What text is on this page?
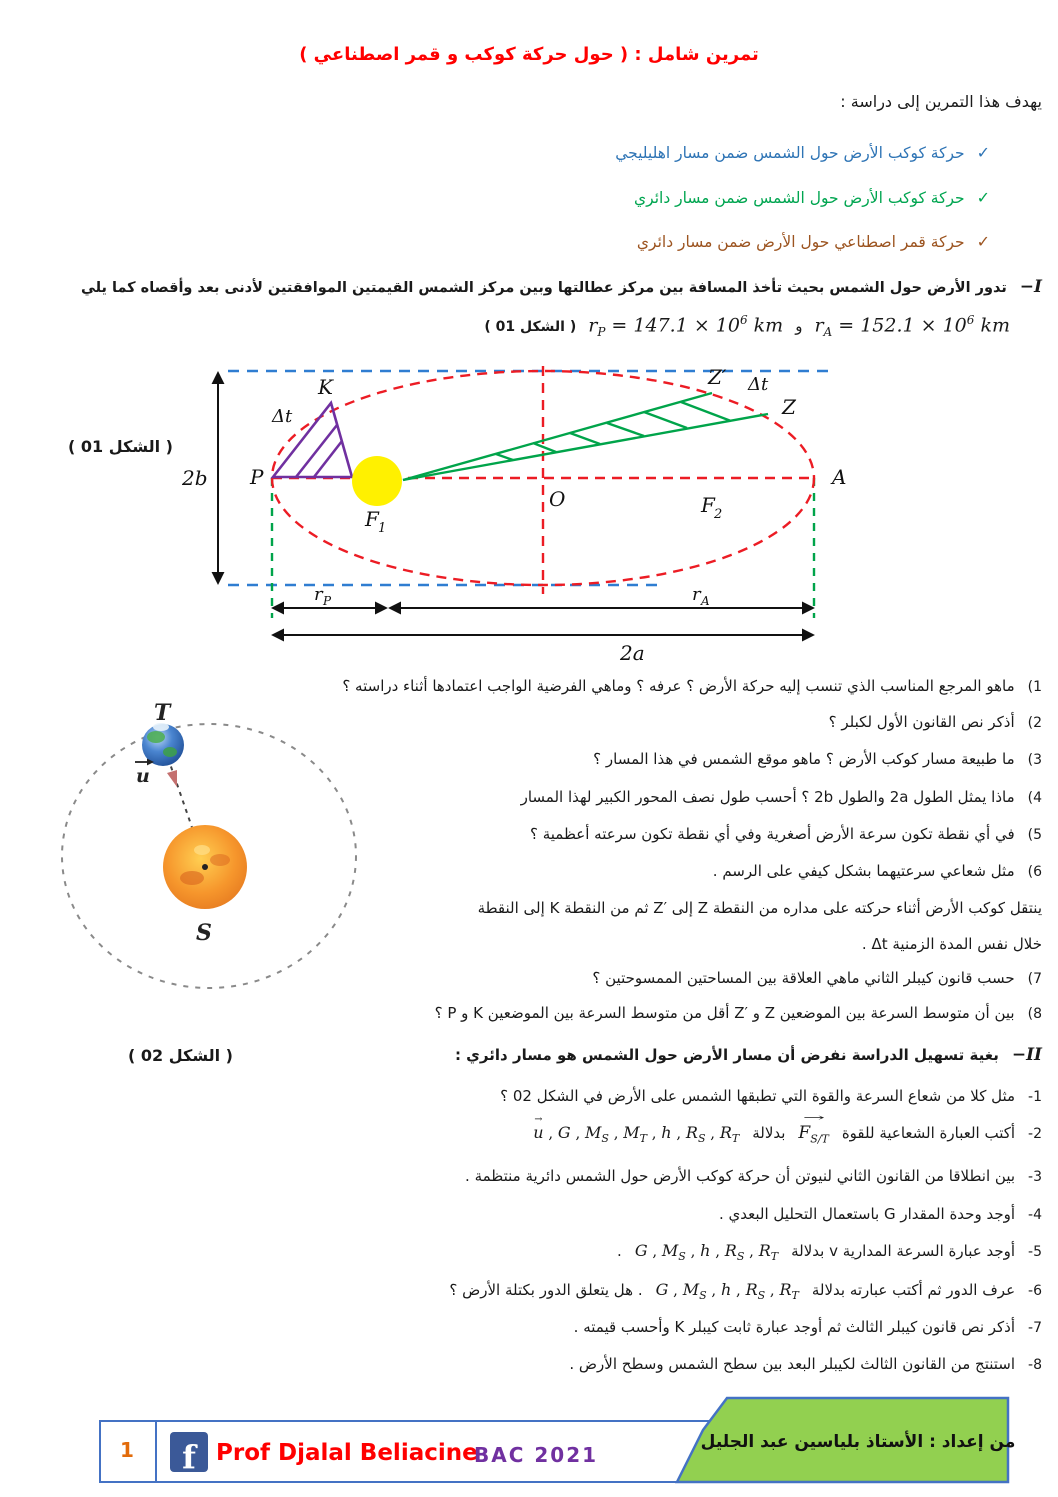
تمرين شامل : ( حول حركة كوكب و قمر اصطناعي )
يهدف هذا التمرين إلى دراسة :
✓
حركة كوكب الأرض حول الشمس ضمن مسار اهليليجي
✓
حركة كوكب الأرض حول الشمس ضمن مسار دائري
✓
حركة قمر اصطناعي حول الأرض ضمن مسار دائري
−I
تدور الأرض حول الشمس بحيث تأخذ المسافة بين مركز عطالتها وبين مركز الشمس القيمتين الموافقتين لأدنى بعد وأقصاه كما يلي
$r_A = 152.1 \times 10^6$ km
و
$r_P = 147.1 \times 10^6$ km
( الشكل 01 )
( الشكل 01 )
K
Δt
P
2b
F 1
O	F 2
A
Z′ Δt
Z
r P	r A
2a
(1
ماهو المرجع المناسب الذي تنسب إليه حركة الأرض ؟ عرفه ؟ وماهي الفرضية الواجب اعتمادها أثناء دراسته ؟
(2
أذكر نص القانون الأول لكبلر ؟
(3
ما طبيعة مسار كوكب الأرض ؟ ماهو موقع الشمس في هذا المسار ؟
(4
ماذا يمثل الطول 2a والطول 2b ؟ أحسب طول نصف المحور الكبير لهذا المسار
(5
في أي نقطة تكون سرعة الأرض أصغرية وفي أي نقطة تكون سرعته أعظمية ؟
(6
مثل شعاعي سرعتيهما بشكل كيفي على الرسم .
ينتقل كوكب الأرض أثناء حركته على مداره من النقطة Z إلى ‎Z′‎ ثم من النقطة K إلى النقطة
خلال نفس المدة الزمنية Δt .
(7
حسب قانون كيبلر الثاني ماهي العلاقة بين المساحتين الممسوحتين ؟
(8
بين أن متوسط السرعة بين الموضعين Z و ‎Z′‎ أقل من متوسط السرعة بين الموضعين K و P ؟
T
u
S
( الشكل 02 )	−II
بغية تسهيل الدراسة نفرض أن مسار الأرض حول الشمس هو مسار دائري :
-1
مثل كلا من شعاع السرعة والقوة التي تطبقها الشمس على الأرض في الشكل 02 ؟
-2
أكتب العبارة الشعاعية للقوة
→ $F_{S/T}$
بدلالة
→ u , G , $M_S$ , $M_T$ , h , $R_S$ , $R_T$
-3
بين انطلاقا من القانون الثاني لنيوتن أن حركة كوكب الأرض حول الشمس دائرية منتظمة .
-4
أوجد وحدة المقدار G باستعمال التحليل البعدي .
-5
أوجد عبارة السرعة المدارية v بدلالة
G , $M_S$ , h , $R_S$ , $R_T$
.
-6
عرف الدور ثم أكتب عبارته بدلالة
G , $M_S$ , h , $R_S$ , $R_T$
. هل يتعلق الدور بكتلة الأرض ؟
-7
أذكر نص قانون كيبلر الثالث ثم أوجد عبارة ثابت كيبلر K وأحسب قيمته .
-8
استنتج من القانون الثالث لكيبلر البعد بين سطح الشمس وسطح الأرض .
1	f Prof Djalal Beliacine
BAC 2021
من إعداد : الأستاذ بلياسين عبد الجليل
